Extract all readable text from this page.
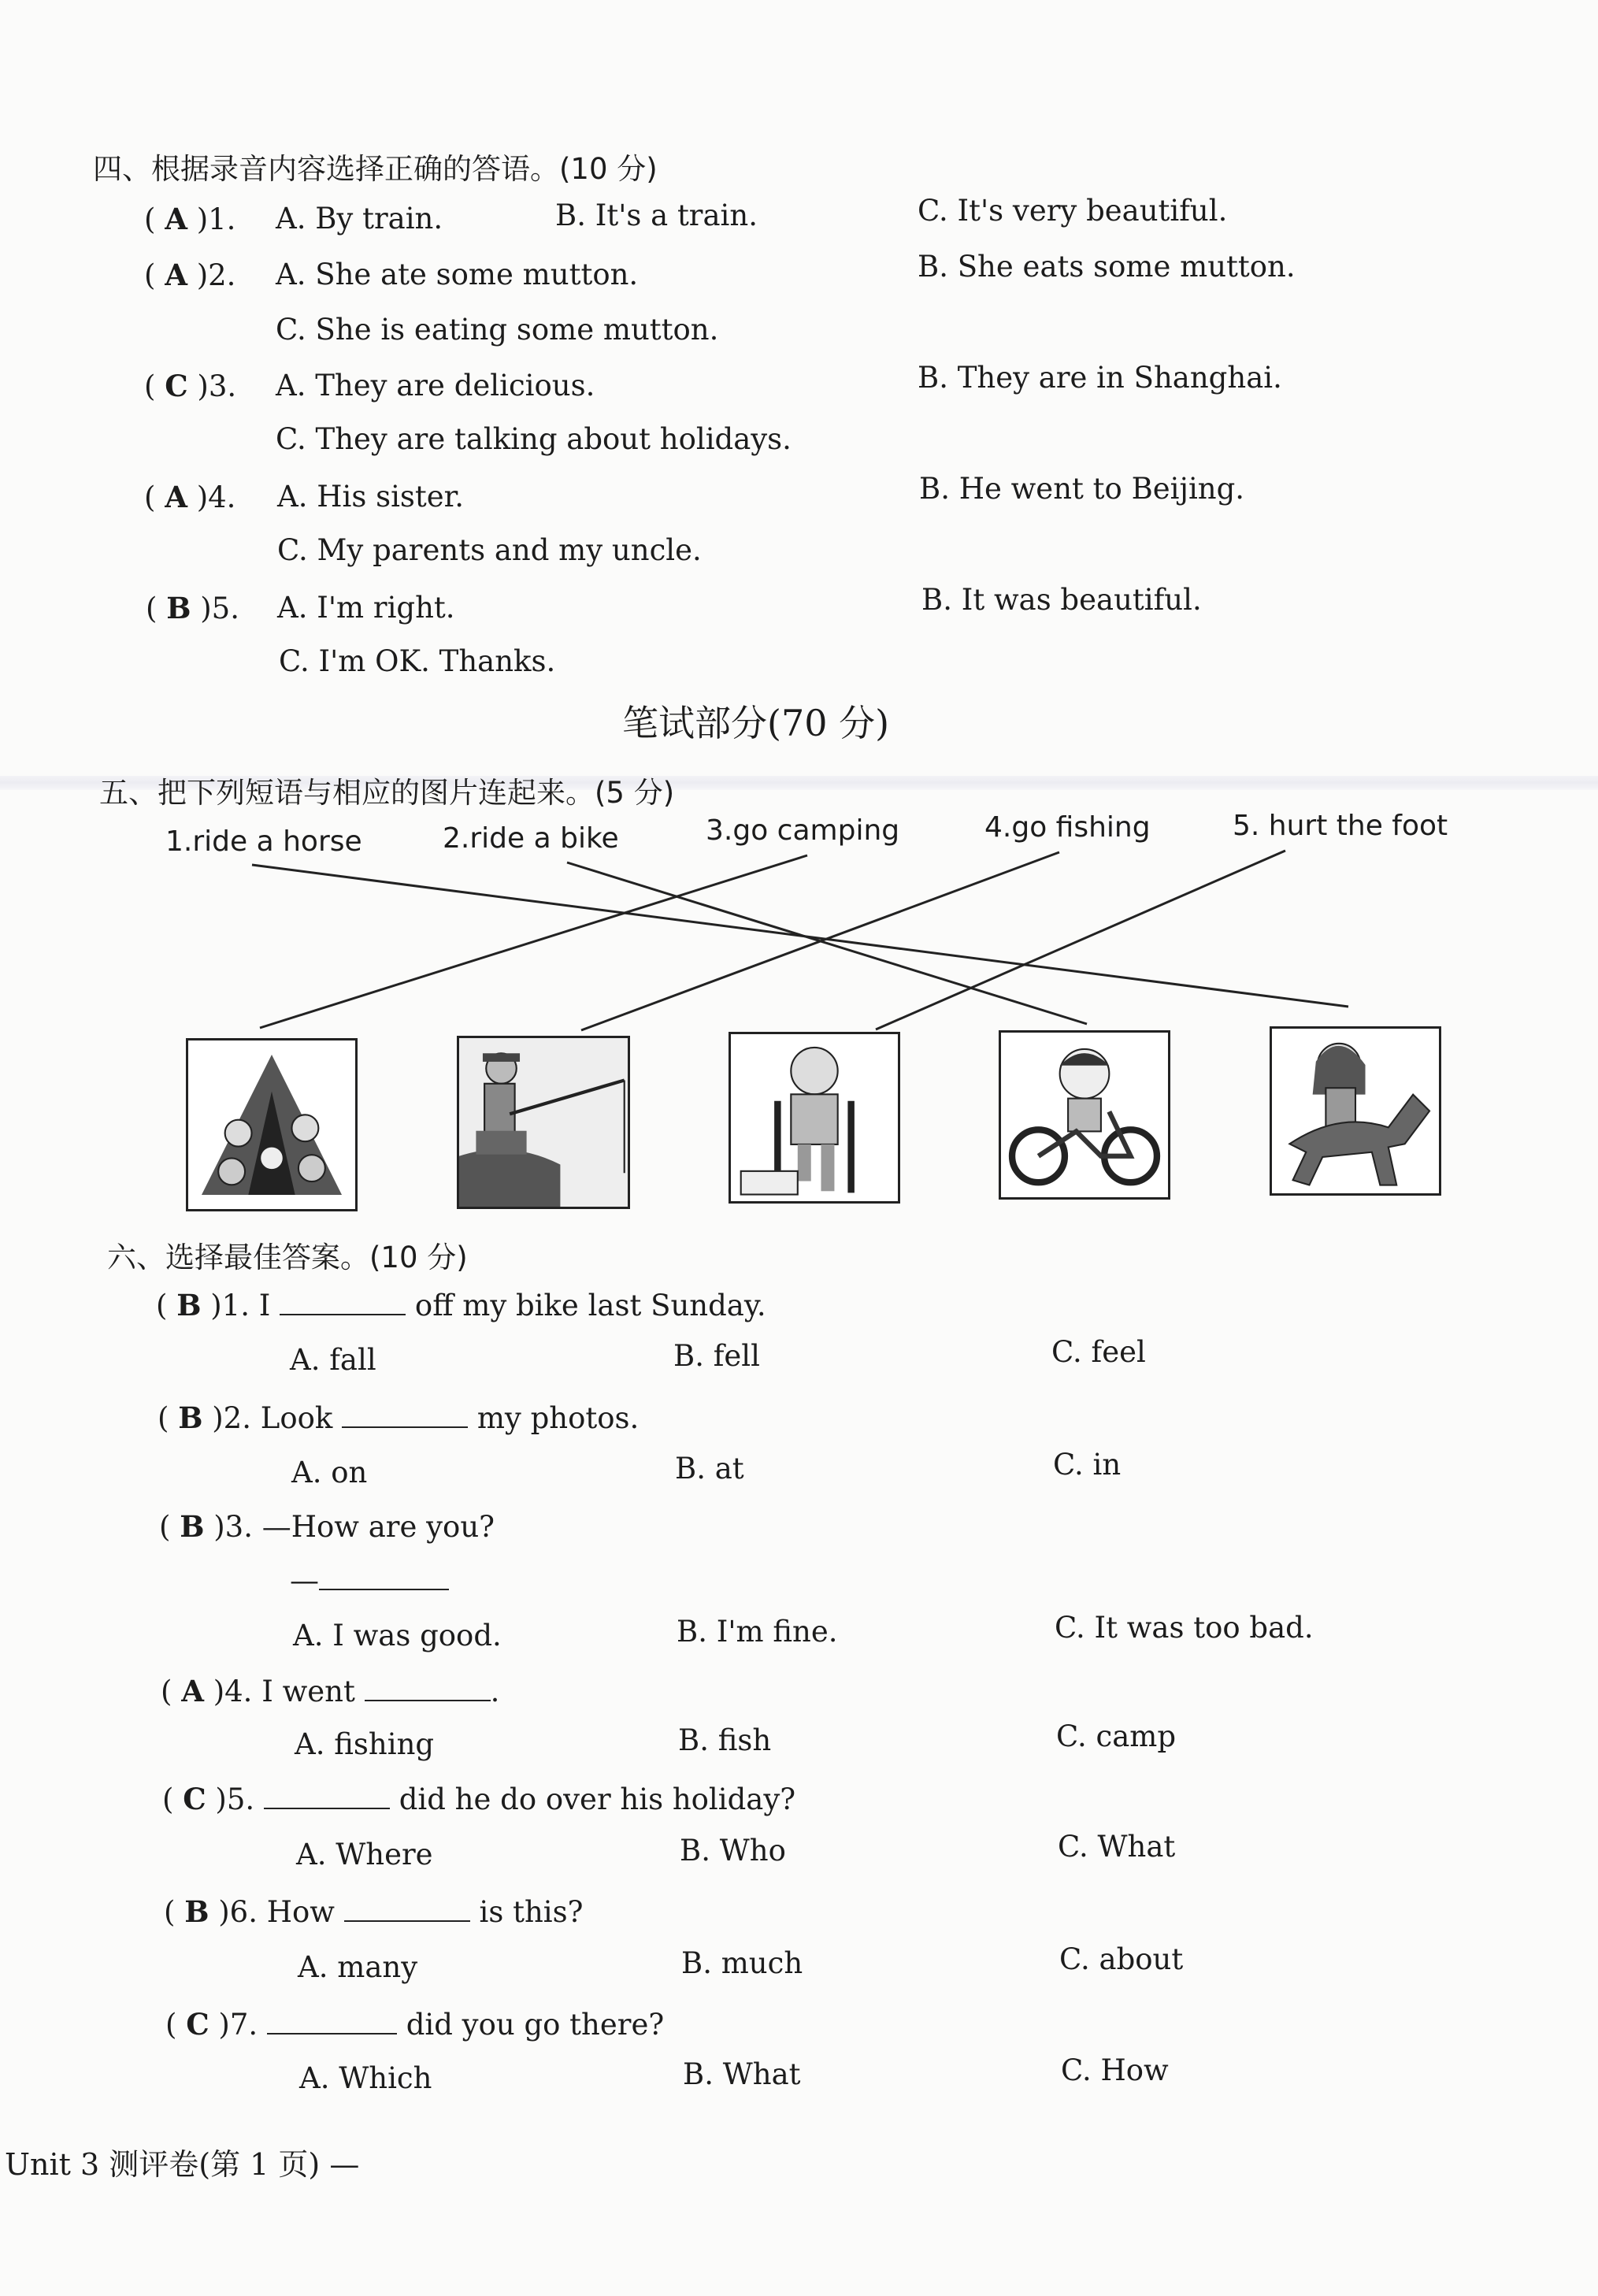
四、根据录音内容选择正确的答语。(10 分)
( A )1. A. By train.	B. It's a train.	C. It's very beautiful.
( A )2. A. She ate some mutton.	B. She eats some mutton.
C. She is eating some mutton.
( C )3. A. They are delicious.	B. They are in Shanghai.
C. They are talking about holidays.
( A )4. A. His sister.	B. He went to Beijing.
C. My parents and my uncle.
( B )5. A. I'm right.	B. It was beautiful.
C. I'm OK. Thanks.
笔试部分(70 分)
五、把下列短语与相应的图片连起来。(5 分)
1.ride a horse	2.ride a bike	3.go camping	4.go fishing	5. hurt the foot
六、选择最佳答案。(10 分)
( B )1. I	off my bike last Sunday.
A. fall	B. fell	C. feel
( B )2. Look	my photos.
A. on	B. at	C. in
( B )3. —How are you?
—
A. I was good.	B. I'm fine.	C. It was too bad.
( A )4. I went	.
A. fishing	B. fish	C. camp
( C )5.	did he do over his holiday?
A. Where	B. Who	C. What
( B )6. How	is this?
A. many	B. much	C. about
( C )7.	did you go there?
A. Which	B. What	C. How
Unit 3 测评卷(第 1 页) —
